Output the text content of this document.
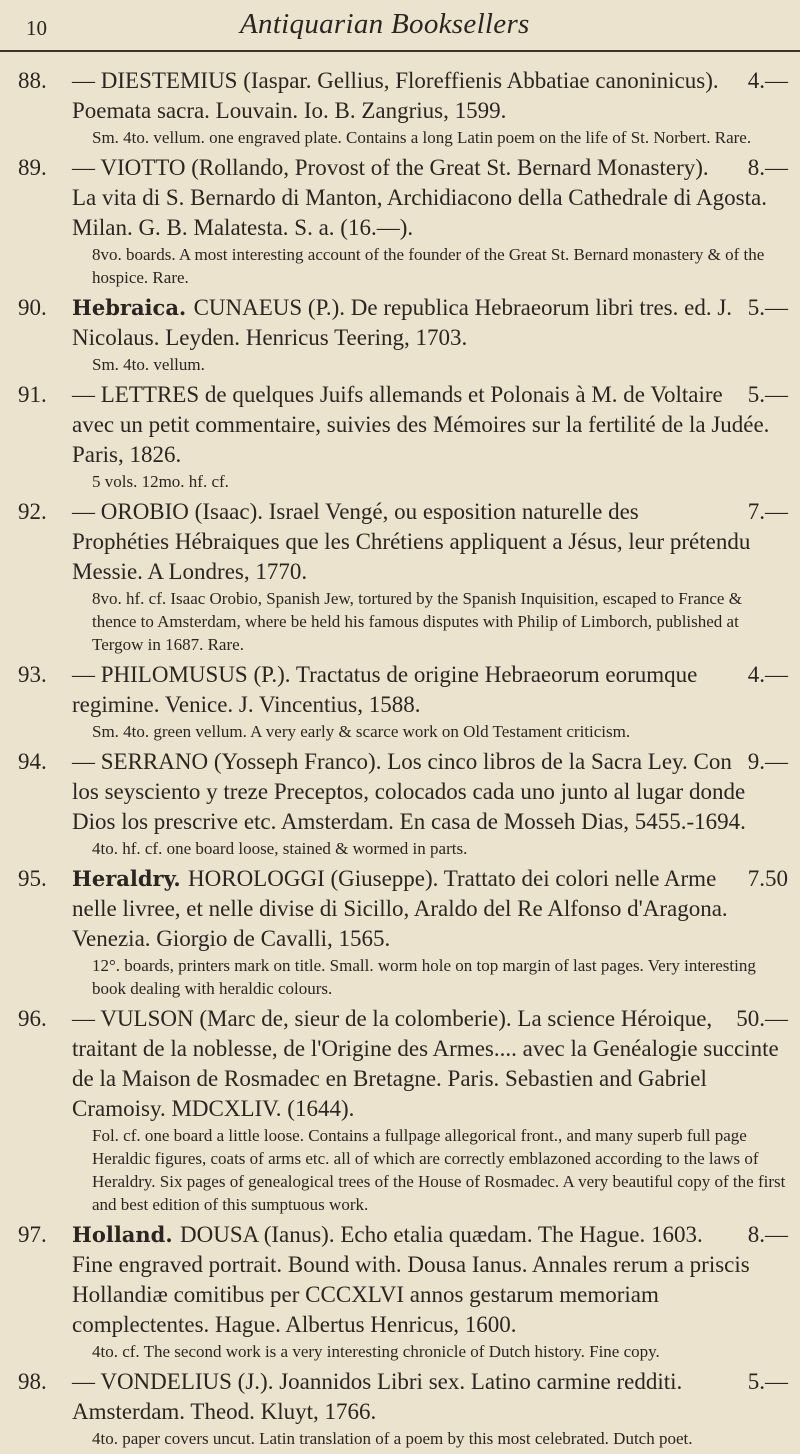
10	Antiquarian Booksellers
88.	4.—
— DIESTEMIUS (Iaspar. Gellius, Floreffienis Abbatiae canoninicus). Poemata sacra. Louvain. Io. B. Zangrius, 1599.
Sm. 4to. vellum. one engraved plate. Contains a long Latin poem on the life of St. Norbert. Rare.
89.	8.—
— VIOTTO (Rollando, Provost of the Great St. Bernard Monastery). La vita di S. Bernardo di Manton, Archidiacono della Cathedrale di Agosta. Milan. G. B. Malatesta. S. a. (16.—).
8vo. boards. A most interesting account of the founder of the Great St. Bernard monastery & of the hospice. Rare.
90.	5.—
Hebraica. CUNAEUS (P.). De republica Hebraeorum libri tres. ed. J. Nicolaus. Leyden. Henricus Teering, 1703.
Sm. 4to. vellum.
91.	5.—
— LETTRES de quelques Juifs allemands et Polonais à M. de Voltaire avec un petit commentaire, suivies des Mémoires sur la fertilité de la Judée. Paris, 1826.
5 vols. 12mo. hf. cf.
92.	7.—
— OROBIO (Isaac). Israel Vengé, ou esposition naturelle des Prophéties Hébraiques que les Chrétiens appliquent a Jésus, leur prétendu Messie. A Londres, 1770.
8vo. hf. cf. Isaac Orobio, Spanish Jew, tortured by the Spanish Inquisition, escaped to France & thence to Amsterdam, where be held his famous disputes with Philip of Limborch, published at Tergow in 1687. Rare.
93.	4.—
— PHILOMUSUS (P.). Tractatus de origine Hebraeorum eorumque regimine. Venice. J. Vincentius, 1588.
Sm. 4to. green vellum. A very early & scarce work on Old Testament criticism.
94.	9.—
— SERRANO (Yosseph Franco). Los cinco libros de la Sacra Ley. Con los seysciento y treze Preceptos, colocados cada uno junto al lugar donde Dios los prescrive etc. Amsterdam. En casa de Mosseh Dias, 5455.-1694.
4to. hf. cf. one board loose, stained & wormed in parts.
95.	7.50
Heraldry. HOROLOGGI (Giuseppe). Trattato dei colori nelle Arme nelle livree, et nelle divise di Sicillo, Araldo del Re Alfonso d'Aragona. Venezia. Giorgio de Cavalli, 1565.
12°. boards, printers mark on title. Small. worm hole on top margin of last pages. Very interesting book dealing with heraldic colours.
96.	50.—
— VULSON (Marc de, sieur de la colomberie). La science Héroique, traitant de la noblesse, de l'Origine des Armes.... avec la Genéalogie succinte de la Maison de Rosmadec en Bretagne. Paris. Sebastien and Gabriel Cramoisy. MDCXLIV. (1644).
Fol. cf. one board a little loose. Contains a fullpage allegorical front., and many superb full page Heraldic figures, coats of arms etc. all of which are correctly emblazoned according to the laws of Heraldry. Six pages of genealogical trees of the House of Rosmadec. A very beautiful copy of the first and best edition of this sumptuous work.
97.	8.—
Holland. DOUSA (Ianus). Echo etalia quædam. The Hague. 1603. Fine engraved portrait. Bound with. Dousa Ianus. Annales rerum a priscis Hollandiæ comitibus per CCCXLVI annos gestarum memoriam complectentes. Hague. Albertus Henricus, 1600.
4to. cf. The second work is a very interesting chronicle of Dutch history. Fine copy.
98.	5.—
— VONDELIUS (J.). Joannidos Libri sex. Latino carmine redditi. Amsterdam. Theod. Kluyt, 1766.
4to. paper covers uncut. Latin translation of a poem by this most celebrated. Dutch poet.
